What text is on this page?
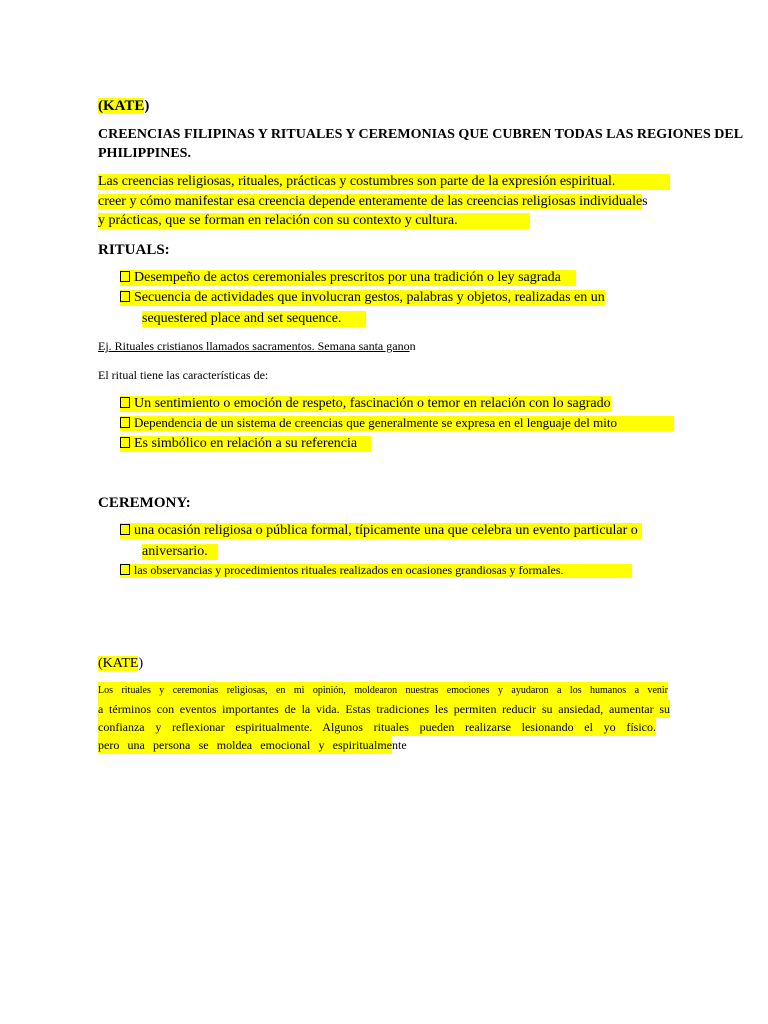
(KATE)
CREENCIAS FILIPINAS Y RITUALES Y CEREMONIAS QUE CUBREN TODAS LAS REGIONES DEL
PHILIPPINES.
Las creencias religiosas, rituales, prácticas y costumbres son parte de la expresión espiritual.
creer y cómo manifestar esa creencia depende enteramente de las creencias religiosas individuales
y prácticas, que se forman en relación con su contexto y cultura.
RITUALS:
Desempeño de actos ceremoniales prescritos por una tradición o ley sagrada
Secuencia de actividades que involucran gestos, palabras y objetos, realizadas en un
sequestered place and set sequence.
Ej. Rituales cristianos llamados sacramentos. Semana santa ganon
El ritual tiene las características de:
Un sentimiento o emoción de respeto, fascinación o temor en relación con lo sagrado
Dependencia de un sistema de creencias que generalmente se expresa en el lenguaje del mito
Es simbólico en relación a su referencia
CEREMONY:
una ocasión religiosa o pública formal, típicamente una que celebra un evento particular o
aniversario.
las observancias y procedimientos rituales realizados en ocasiones grandiosas y formales.
(KATE)
Los rituales y ceremonias religiosas, en mi opinión, moldearon nuestras emociones y ayudaron a los humanos a venir
a términos con eventos importantes de la vida. Estas tradiciones les permiten reducir su ansiedad, aumentar su
confianza y reflexionar espiritualmente. Algunos rituales pueden realizarse lesionando el yo físico.
pero una persona se moldea emocional y espiritualmente
